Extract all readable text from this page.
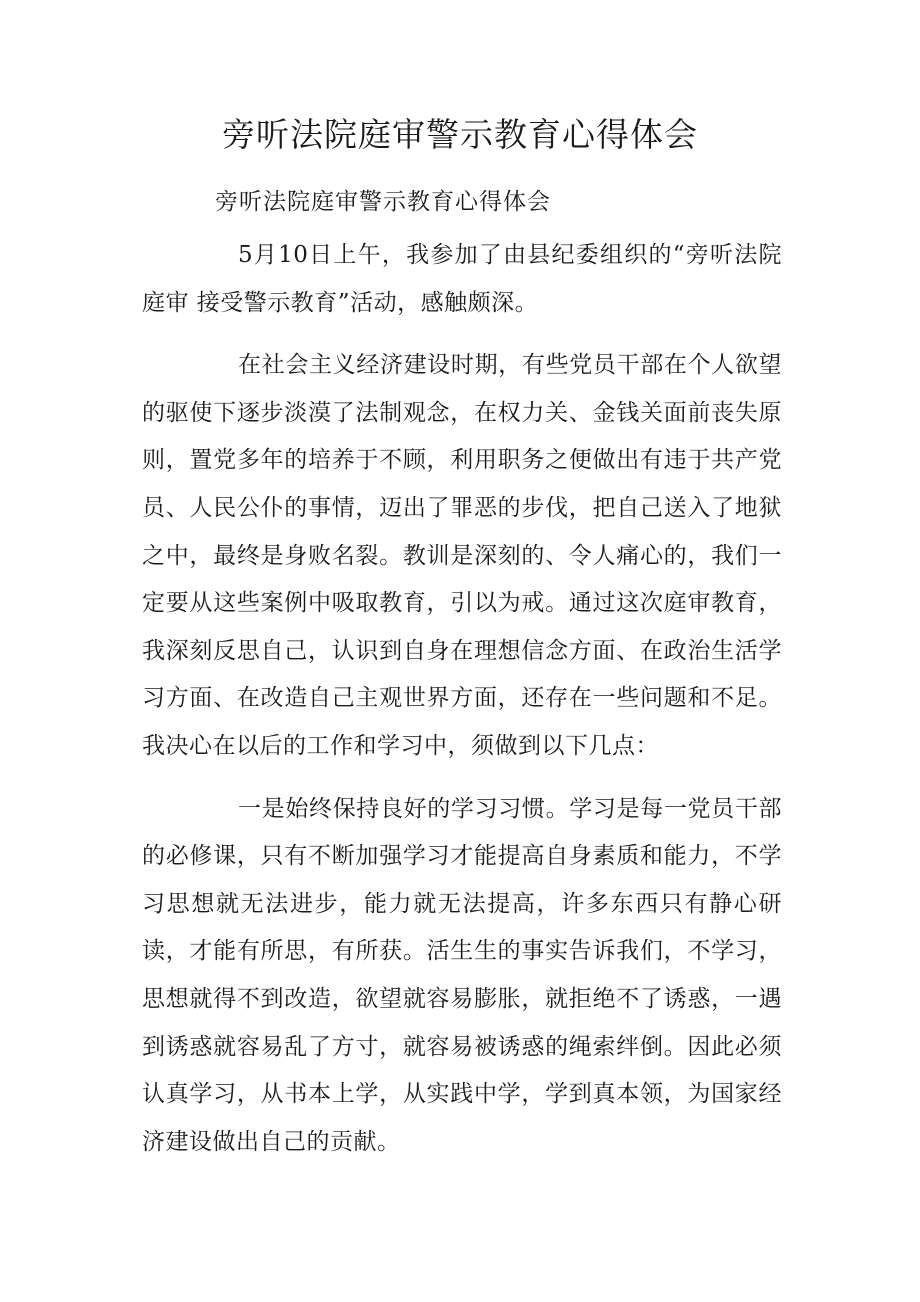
旁听法院庭审警示教育心得体会

旁听法院庭审警示教育心得体会

5月10日上午，我参加了由县纪委组织的“旁听法院庭审 接受警示教育”活动，感触颇深。

在社会主义经济建设时期，有些党员干部在个人欲望的驱使下逐步淡漠了法制观念，在权力关、金钱关面前丧失原则，置党多年的培养于不顾，利用职务之便做出有违于共产党员、人民公仆的事情，迈出了罪恶的步伐，把自己送入了地狱之中，最终是身败名裂。教训是深刻的、令人痛心的，我们一定要从这些案例中吸取教育，引以为戒。通过这次庭审教育，我深刻反思自己，认识到自身在理想信念方面、在政治生活学习方面、在改造自己主观世界方面，还存在一些问题和不足。我决心在以后的工作和学习中，须做到以下几点：

一是始终保持良好的学习习惯。学习是每一党员干部的必修课，只有不断加强学习才能提高自身素质和能力，不学习思想就无法进步，能力就无法提高，许多东西只有静心研读，才能有所思，有所获。活生生的事实告诉我们，不学习，思想就得不到改造，欲望就容易膨胀，就拒绝不了诱惑，一遇到诱惑就容易乱了方寸，就容易被诱惑的绳索绊倒。因此必须认真学习，从书本上学，从实践中学，学到真本领，为国家经济建设做出自己的贡献。
